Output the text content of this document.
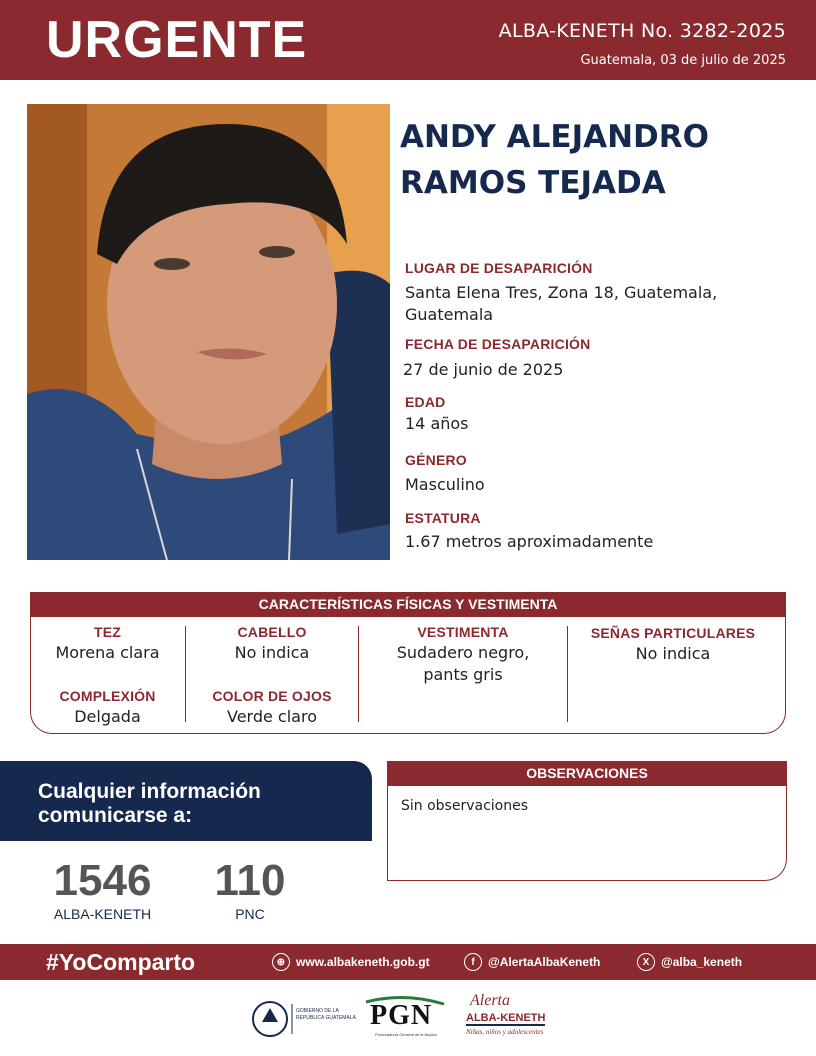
URGENTE	ALBA-KENETH No. 3282-2025
Guatemala, 03 de julio de 2025
ANDY ALEJANDRO
RAMOS TEJADA
LUGAR DE DESAPARICIÓN
Santa Elena Tres, Zona 18, Guatemala,
Guatemala
FECHA DE DESAPARICIÓN
27 de junio de 2025
EDAD
14 años
GÉNERO
Masculino
ESTATURA
1.67 metros aproximadamente
CARACTERÍSTICAS FÍSICAS Y VESTIMENTA
TEZ
Morena clara
COMPLEXIÓN
Delgada
CABELLO
No indica
COLOR DE OJOS
Verde claro
VESTIMENTA
Sudadero negro,
pants gris
SEÑAS PARTICULARES
No indica
Cualquier información
comunicarse a:
1546
ALBA-KENETH
110
PNC
OBSERVACIONES
Sin observaciones
#YoComparto	⊕ www.albakeneth.gob.gt	f	@AlertaAlbaKeneth	X @alba_keneth
GOBIERNO DE LA REPÚBLICA GUATEMALA PGN
Procuraduría General de la Nación
Alerta
ALBA-KENETH
Niñas, niños y adolescentes
